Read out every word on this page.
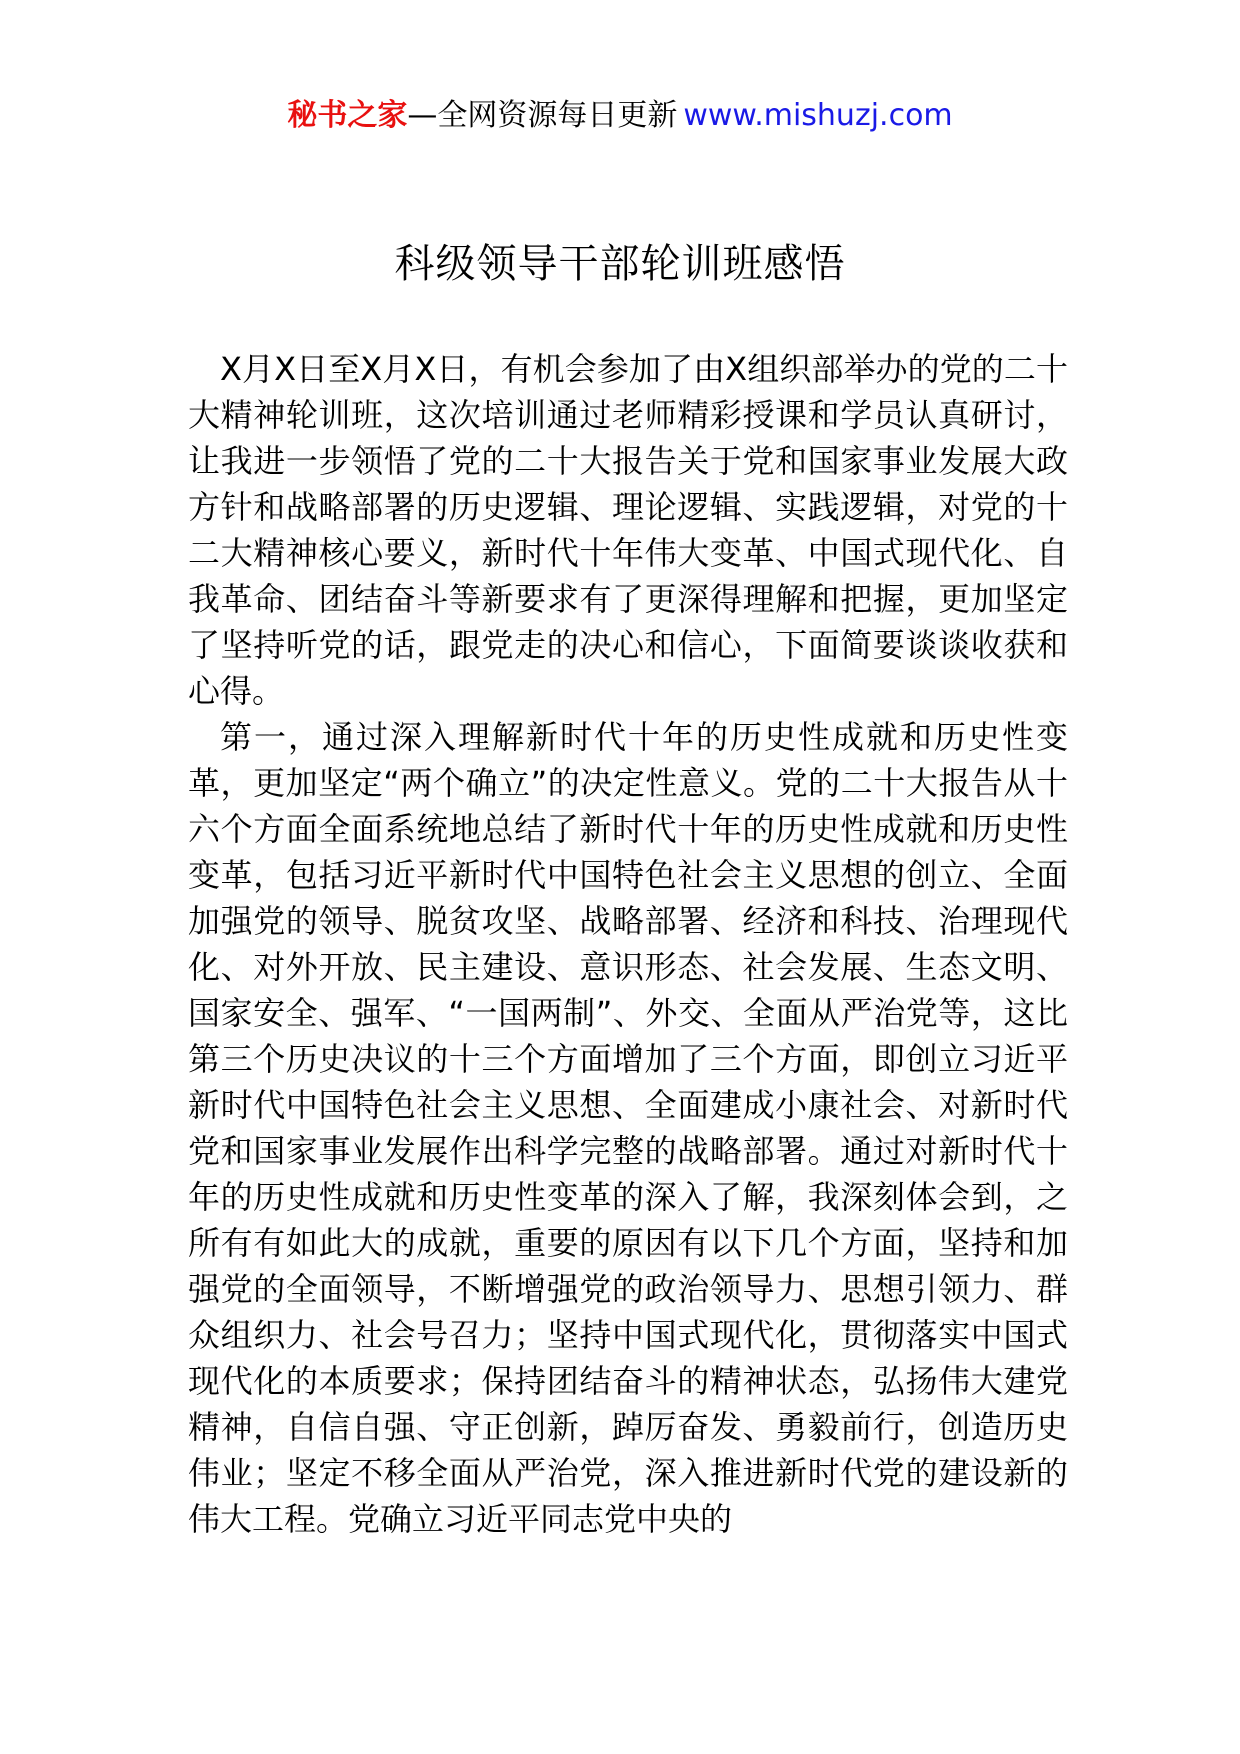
秘书之家—全网资源每日更新 www.mishuzj.com
科级领导干部轮训班感悟

X月X日至X月X日，有机会参加了由X组织部举办的党的二十大精神轮训班，这次培训通过老师精彩授课和学员认真研讨，让我进一步领悟了党的二十大报告关于党和国家事业发展大政方针和战略部署的历史逻辑、理论逻辑、实践逻辑，对党的十二大精神核心要义，新时代十年伟大变革、中国式现代化、自我革命、团结奋斗等新要求有了更深得理解和把握，更加坚定了坚持听党的话，跟党走的决心和信心，下面简要谈谈收获和心得。

第一，通过深入理解新时代十年的历史性成就和历史性变革，更加坚定“两个确立”的决定性意义。党的二十大报告从十六个方面全面系统地总结了新时代十年的历史性成就和历史性变革，包括习近平新时代中国特色社会主义思想的创立、全面加强党的领导、脱贫攻坚、战略部署、经济和科技、治理现代化、对外开放、民主建设、意识形态、社会发展、生态文明、国家安全、强军、“一国两制”、外交、全面从严治党等，这比第三个历史决议的十三个方面增加了三个方面，即创立习近平新时代中国特色社会主义思想、全面建成小康社会、对新时代党和国家事业发展作出科学完整的战略部署。通过对新时代十年的历史性成就和历史性变革的深入了解，我深刻体会到，之所有有如此大的成就，重要的原因有以下几个方面，坚持和加强党的全面领导，不断增强党的政治领导力、思想引领力、群众组织力、社会号召力；坚持中国式现代化，贯彻落实中国式现代化的本质要求；保持团结奋斗的精神状态，弘扬伟大建党精神，自信自强、守正创新，踔厉奋发、勇毅前行，创造历史伟业；坚定不移全面从严治党，深入推进新时代党的建设新的伟大工程。党确立习近平同志党中央的
